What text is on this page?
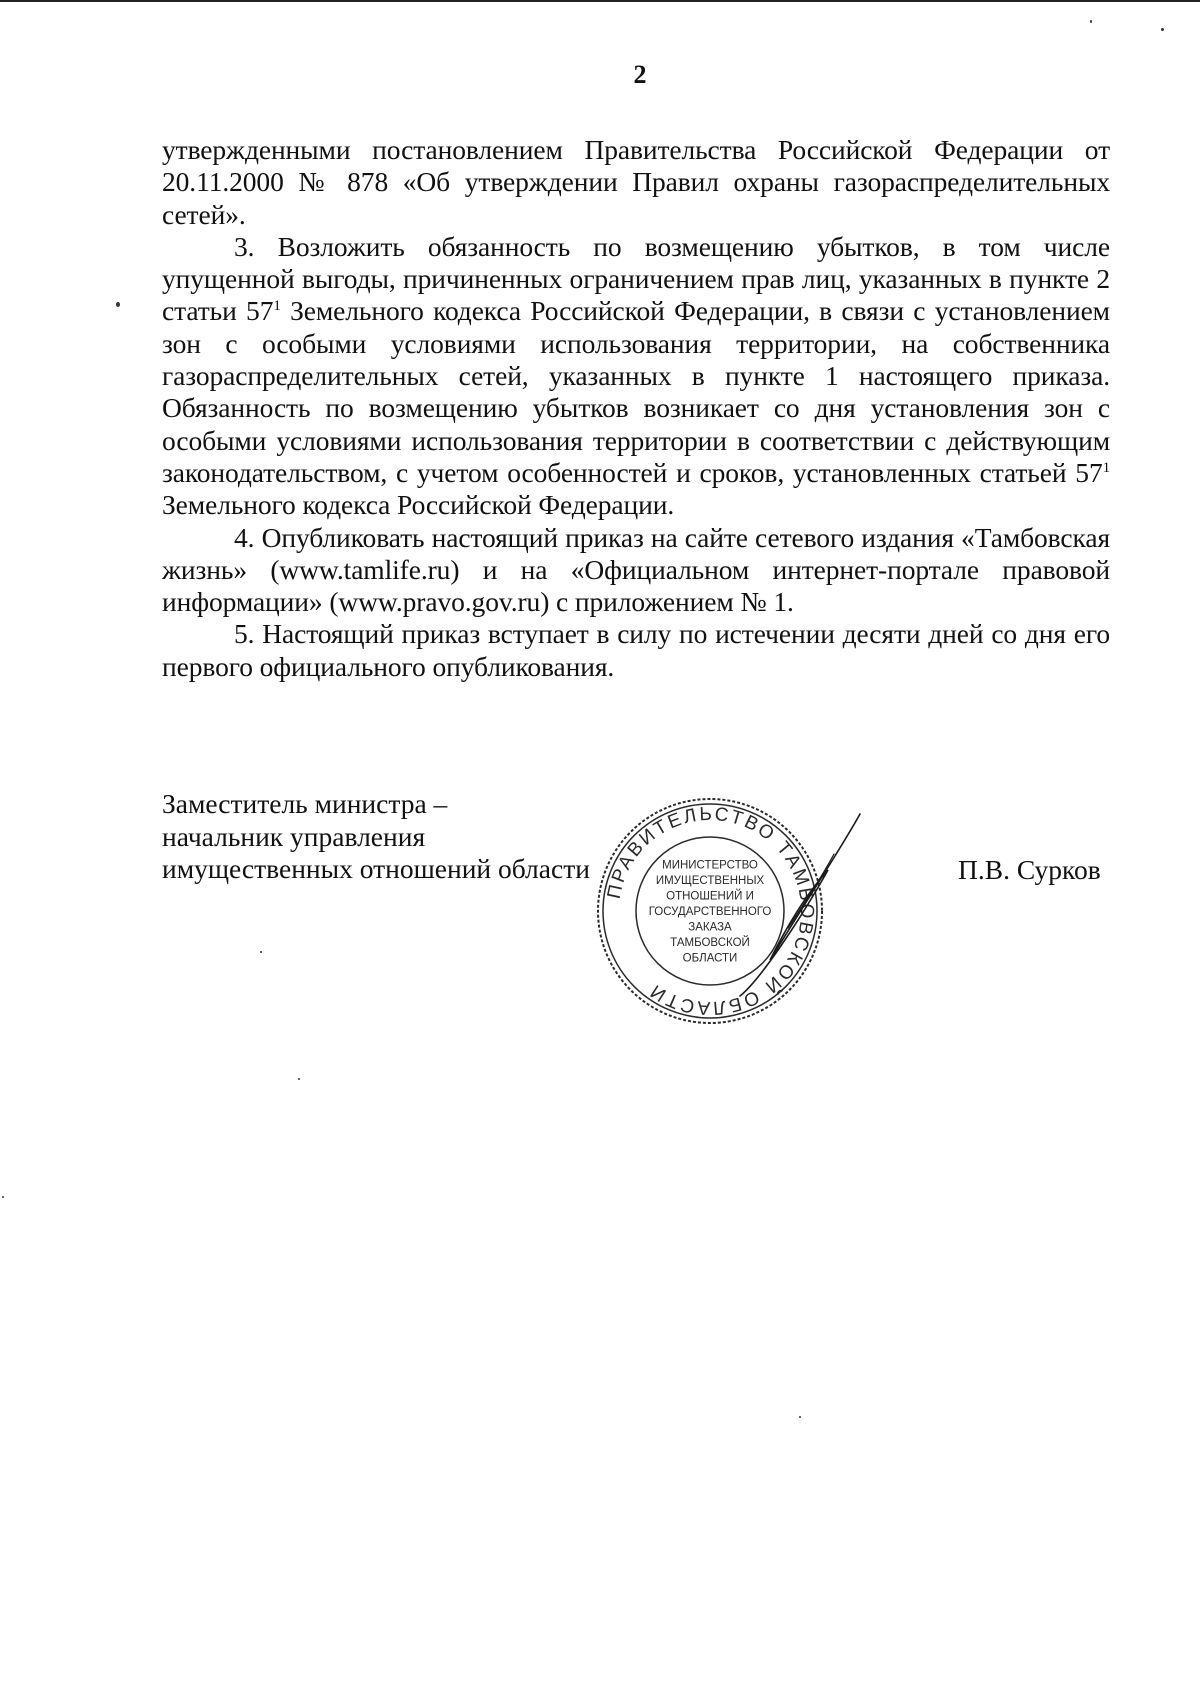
2

утвержденными постановлением Правительства Российской Федерации от 20.11.2000 № 878 «Об утверждении Правил охраны газораспределительных сетей».

3. Возложить обязанность по возмещению убытков, в том числе упущенной выгоды, причиненных ограничением прав лиц, указанных в пункте 2 статьи $57^1$ Земельного кодекса Российской Федерации, в связи с установлением зон с особыми условиями использования территории, на собственника газораспределительных сетей, указанных в пункте 1 настоящего приказа. Обязанность по возмещению убытков возникает со дня установления зон с особыми условиями использования территории в соответствии с действующим законодательством, с учетом особенностей и сроков, установленных статьей $57^1$ Земельного кодекса Российской Федерации.

4. Опубликовать настоящий приказ на сайте сетевого издания «Тамбовская жизнь» (www.tamlife.ru) и на «Официальном интернет-портале правовой информации» (www.pravo.gov.ru) с приложением № 1.

5. Настоящий приказ вступает в силу по истечении десяти дней со дня его первого официального опубликования.

Заместитель министра –
начальник управления
имущественных отношений области
ПРАВИТЕЛЬСТВО ТАМБОВСКОЙ ОБЛАСТИ
МИНИСТЕРСТВО
ИМУЩЕСТВЕННЫХ
ОТНОШЕНИЙ И
ГОСУДАРСТВЕННОГО
ЗАКАЗА
ТАМБОВСКОЙ
ОБЛАСТИ
П.В. Сурков
